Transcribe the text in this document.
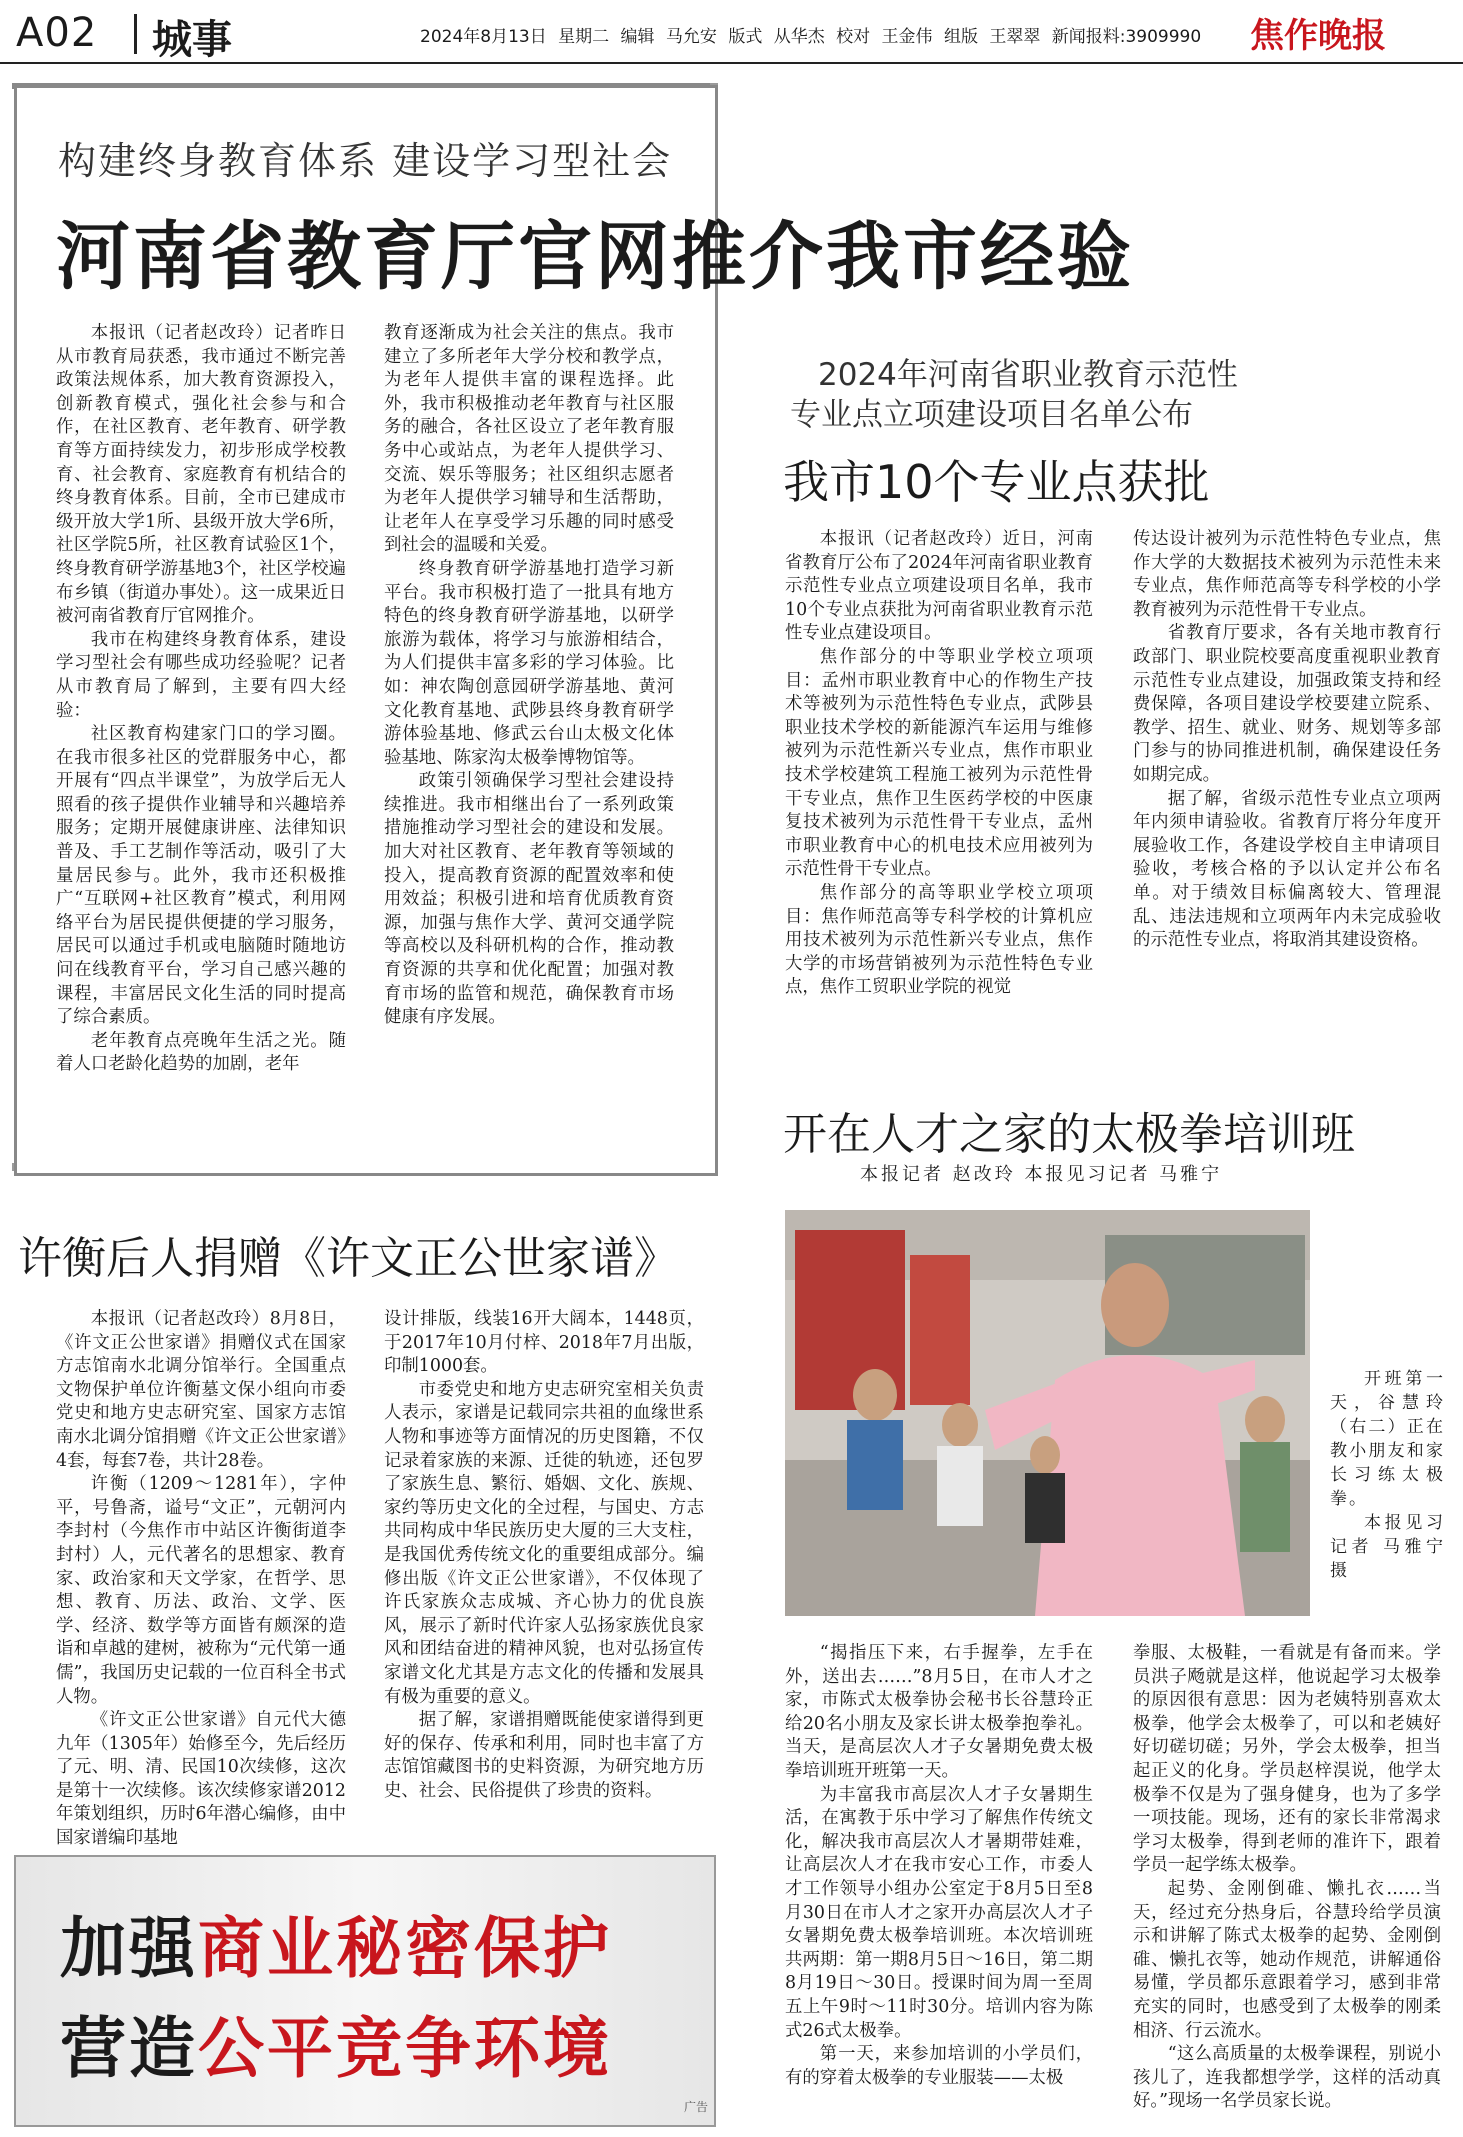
A02 城事	2024年8月13日 星期二 编辑 马允安 版式 从华杰 校对 王金伟 组版 王翠翠 新闻报料:3909990 焦作晚报
构建终身教育体系 建设学习型社会
河南省教育厅官网推介我市经验

本报讯（记者赵改玲）记者昨日从市教育局获悉，我市通过不断完善政策法规体系，加大教育资源投入，创新教育模式，强化社会参与和合作，在社区教育、老年教育、研学教育等方面持续发力，初步形成学校教育、社会教育、家庭教育有机结合的终身教育体系。目前，全市已建成市级开放大学1所、县级开放大学6所，社区学院5所，社区教育试验区1个，终身教育研学游基地3个，社区学校遍布乡镇（街道办事处）。这一成果近日被河南省教育厅官网推介。

我市在构建终身教育体系，建设学习型社会有哪些成功经验呢？记者从市教育局了解到，主要有四大经验：

社区教育构建家门口的学习圈。在我市很多社区的党群服务中心，都开展有“四点半课堂”，为放学后无人照看的孩子提供作业辅导和兴趣培养服务；定期开展健康讲座、法律知识普及、手工艺制作等活动，吸引了大量居民参与。此外，我市还积极推广“互联网+社区教育”模式，利用网络平台为居民提供便捷的学习服务，居民可以通过手机或电脑随时随地访问在线教育平台，学习自己感兴趣的课程，丰富居民文化生活的同时提高了综合素质。

老年教育点亮晚年生活之光。随着人口老龄化趋势的加剧，老年

教育逐渐成为社会关注的焦点。我市建立了多所老年大学分校和教学点，为老年人提供丰富的课程选择。此外，我市积极推动老年教育与社区服务的融合，各社区设立了老年教育服务中心或站点，为老年人提供学习、交流、娱乐等服务；社区组织志愿者为老年人提供学习辅导和生活帮助，让老年人在享受学习乐趣的同时感受到社会的温暖和关爱。

终身教育研学游基地打造学习新平台。我市积极打造了一批具有地方特色的终身教育研学游基地，以研学旅游为载体，将学习与旅游相结合，为人们提供丰富多彩的学习体验。比如：神农陶创意园研学游基地、黄河文化教育基地、武陟县终身教育研学游体验基地、修武云台山太极文化体验基地、陈家沟太极拳博物馆等。

政策引领确保学习型社会建设持续推进。我市相继出台了一系列政策措施推动学习型社会的建设和发展。加大对社区教育、老年教育等领域的投入，提高教育资源的配置效率和使用效益；积极引进和培育优质教育资源，加强与焦作大学、黄河交通学院等高校以及科研机构的合作，推动教育资源的共享和优化配置；加强对教育市场的监管和规范，确保教育市场健康有序发展。

2024年河南省职业教育示范性
专业点立项建设项目名单公布
我市10个专业点获批

本报讯（记者赵改玲）近日，河南省教育厅公布了2024年河南省职业教育示范性专业点立项建设项目名单，我市10个专业点获批为河南省职业教育示范性专业点建设项目。

焦作部分的中等职业学校立项项目：孟州市职业教育中心的作物生产技术等被列为示范性特色专业点，武陟县职业技术学校的新能源汽车运用与维修被列为示范性新兴专业点，焦作市职业技术学校建筑工程施工被列为示范性骨干专业点，焦作卫生医药学校的中医康复技术被列为示范性骨干专业点，孟州市职业教育中心的机电技术应用被列为示范性骨干专业点。

焦作部分的高等职业学校立项项目：焦作师范高等专科学校的计算机应用技术被列为示范性新兴专业点，焦作大学的市场营销被列为示范性特色专业点，焦作工贸职业学院的视觉

传达设计被列为示范性特色专业点，焦作大学的大数据技术被列为示范性未来专业点，焦作师范高等专科学校的小学教育被列为示范性骨干专业点。

省教育厅要求，各有关地市教育行政部门、职业院校要高度重视职业教育示范性专业点建设，加强政策支持和经费保障，各项目建设学校要建立院系、教学、招生、就业、财务、规划等多部门参与的协同推进机制，确保建设任务如期完成。

据了解，省级示范性专业点立项两年内须申请验收。省教育厅将分年度开展验收工作，各建设学校自主申请项目验收，考核合格的予以认定并公布名单。对于绩效目标偏离较大、管理混乱、违法违规和立项两年内未完成验收的示范性专业点，将取消其建设资格。

开在人才之家的太极拳培训班
本报记者 赵改玲 本报见习记者 马雅宁

开班第一天，谷慧玲（右二）正在教小朋友和家长习练太极拳。

本报见习记者 马雅宁 摄

“揭指压下来，右手握拳，左手在外，送出去……”8月5日，在市人才之家，市陈式太极拳协会秘书长谷慧玲正给20名小朋友及家长讲太极拳抱拳礼。当天，是高层次人才子女暑期免费太极拳培训班开班第一天。

为丰富我市高层次人才子女暑期生活，在寓教于乐中学习了解焦作传统文化，解决我市高层次人才暑期带娃难，让高层次人才在我市安心工作，市委人才工作领导小组办公室定于8月5日至8月30日在市人才之家开办高层次人才子女暑期免费太极拳培训班。本次培训班共两期：第一期8月5日～16日，第二期8月19日～30日。授课时间为周一至周五上午9时～11时30分。培训内容为陈式26式太极拳。

第一天，来参加培训的小学员们，有的穿着太极拳的专业服装——太极

拳服、太极鞋，一看就是有备而来。学员洪子飏就是这样，他说起学习太极拳的原因很有意思：因为老姨特别喜欢太极拳，他学会太极拳了，可以和老姨好好切磋切磋；另外，学会太极拳，担当起正义的化身。学员赵梓淏说，他学太极拳不仅是为了强身健身，也为了多学一项技能。现场，还有的家长非常渴求学习太极拳，得到老师的准许下，跟着学员一起学练太极拳。

起势、金刚倒碓、懒扎衣……当天，经过充分热身后，谷慧玲给学员演示和讲解了陈式太极拳的起势、金刚倒碓、懒扎衣等，她动作规范，讲解通俗易懂，学员都乐意跟着学习，感到非常充实的同时，也感受到了太极拳的刚柔相济、行云流水。

“这么高质量的太极拳课程，别说小孩儿了，连我都想学学，这样的活动真好。”现场一名学员家长说。

许衡后人捐赠《许文正公世家谱》

本报讯（记者赵改玲）8月8日，《许文正公世家谱》捐赠仪式在国家方志馆南水北调分馆举行。全国重点文物保护单位许衡墓文保小组向市委党史和地方史志研究室、国家方志馆南水北调分馆捐赠《许文正公世家谱》4套，每套7卷，共计28卷。

许衡（1209～1281年），字仲平，号鲁斋，谥号“文正”，元朝河内李封村（今焦作市中站区许衡街道李封村）人，元代著名的思想家、教育家、政治家和天文学家，在哲学、思想、教育、历法、政治、文学、医学、经济、数学等方面皆有颇深的造诣和卓越的建树，被称为“元代第一通儒”，我国历史记载的一位百科全书式人物。

《许文正公世家谱》自元代大德九年（1305年）始修至今，先后经历了元、明、清、民国10次续修，这次是第十一次续修。该次续修家谱2012年策划组织，历时6年潜心编修，由中国家谱编印基地

设计排版，线装16开大阔本，1448页，于2017年10月付梓、2018年7月出版，印制1000套。

市委党史和地方史志研究室相关负责人表示，家谱是记载同宗共祖的血缘世系人物和事迹等方面情况的历史图籍，不仅记录着家族的来源、迁徙的轨迹，还包罗了家族生息、繁衍、婚姻、文化、族规、家约等历史文化的全过程，与国史、方志共同构成中华民族历史大厦的三大支柱，是我国优秀传统文化的重要组成部分。编修出版《许文正公世家谱》，不仅体现了许氏家族众志成城、齐心协力的优良族风，展示了新时代许家人弘扬家族优良家风和团结奋进的精神风貌，也对弘扬宣传家谱文化尤其是方志文化的传播和发展具有极为重要的意义。

据了解，家谱捐赠既能使家谱得到更好的保存、传承和利用，同时也丰富了方志馆馆藏图书的史料资源，为研究地方历史、社会、民俗提供了珍贵的资料。

加强商业秘密保护
营造公平竞争环境
广告
